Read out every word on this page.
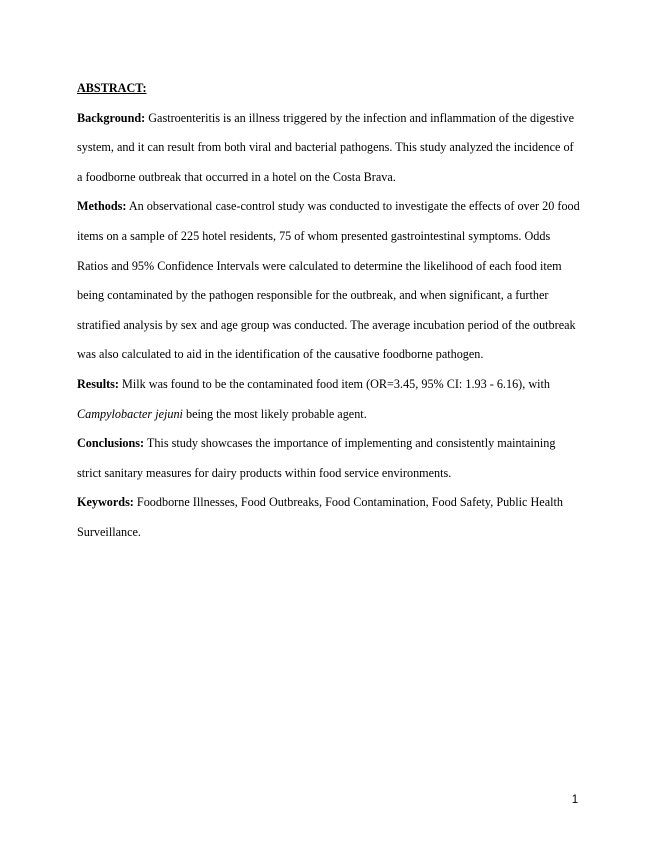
ABSTRACT:

Background: Gastroenteritis is an illness triggered by the infection and inflammation of the digestive system, and it can result from both viral and bacterial pathogens. This study analyzed the incidence of a foodborne outbreak that occurred in a hotel on the Costa Brava.

Methods: An observational case-control study was conducted to investigate the effects of over 20 food items on a sample of 225 hotel residents, 75 of whom presented gastrointestinal symptoms. Odds Ratios and 95% Confidence Intervals were calculated to determine the likelihood of each food item being contaminated by the pathogen responsible for the outbreak, and when significant, a further stratified analysis by sex and age group was conducted. The average incubation period of the outbreak was also calculated to aid in the identification of the causative foodborne pathogen.

Results: Milk was found to be the contaminated food item (OR=3.45, 95% CI: 1.93 - 6.16), with Campylobacter jejuni being the most likely probable agent.

Conclusions: This study showcases the importance of implementing and consistently maintaining strict sanitary measures for dairy products within food service environments.

Keywords: Foodborne Illnesses, Food Outbreaks, Food Contamination, Food Safety, Public Health Surveillance.

1
